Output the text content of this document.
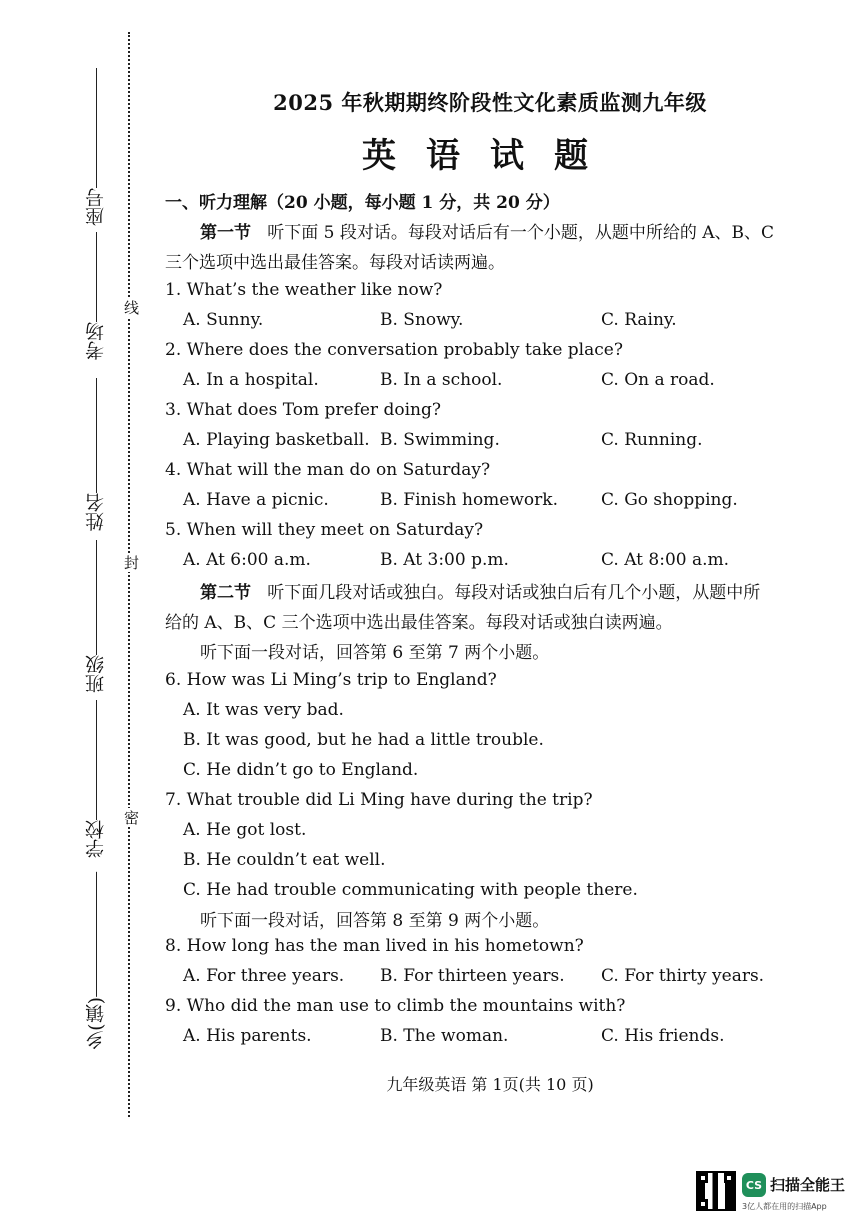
线
封
密
座号
考场
姓名
班级
学校
乡(镇)
2025 年秋期期终阶段性文化素质监测九年级
英语试题
一、听力理解（20 小题，每小题 1 分，共 20 分）
第一节 听下面 5 段对话。每段对话后有一个小题，从题中所给的 A、B、C
三个选项中选出最佳答案。每段对话读两遍。
1. What’s the weather like now?
A. Sunny.	B. Snowy.	C. Rainy.
2. Where does the conversation probably take place?
A. In a hospital.	B. In a school.	C. On a road.
3. What does Tom prefer doing?
A. Playing basketball. B. Swimming.	C. Running.
4. What will the man do on Saturday?
A. Have a picnic.	B. Finish homework.	C. Go shopping.
5. When will they meet on Saturday?
A. At 6:00 a.m.	B. At 3:00 p.m.	C. At 8:00 a.m.
第二节 听下面几段对话或独白。每段对话或独白后有几个小题，从题中所
给的 A、B、C 三个选项中选出最佳答案。每段对话或独白读两遍。
听下面一段对话，回答第 6 至第 7 两个小题。
6. How was Li Ming’s trip to England?
A. It was very bad.
B. It was good, but he had a little trouble.
C. He didn’t go to England.
7. What trouble did Li Ming have during the trip?
A. He got lost.
B. He couldn’t eat well.
C. He had trouble communicating with people there.
听下面一段对话，回答第 8 至第 9 两个小题。
8. How long has the man lived in his hometown?
A. For three years. B. For thirteen years. C. For thirty years.
9. Who did the man use to climb the mountains with?
A. His parents.	B. The woman.	C. His friends.
九年级英语 第 1页(共 10 页)
CS 扫描全能王
3亿人都在用的扫描App
